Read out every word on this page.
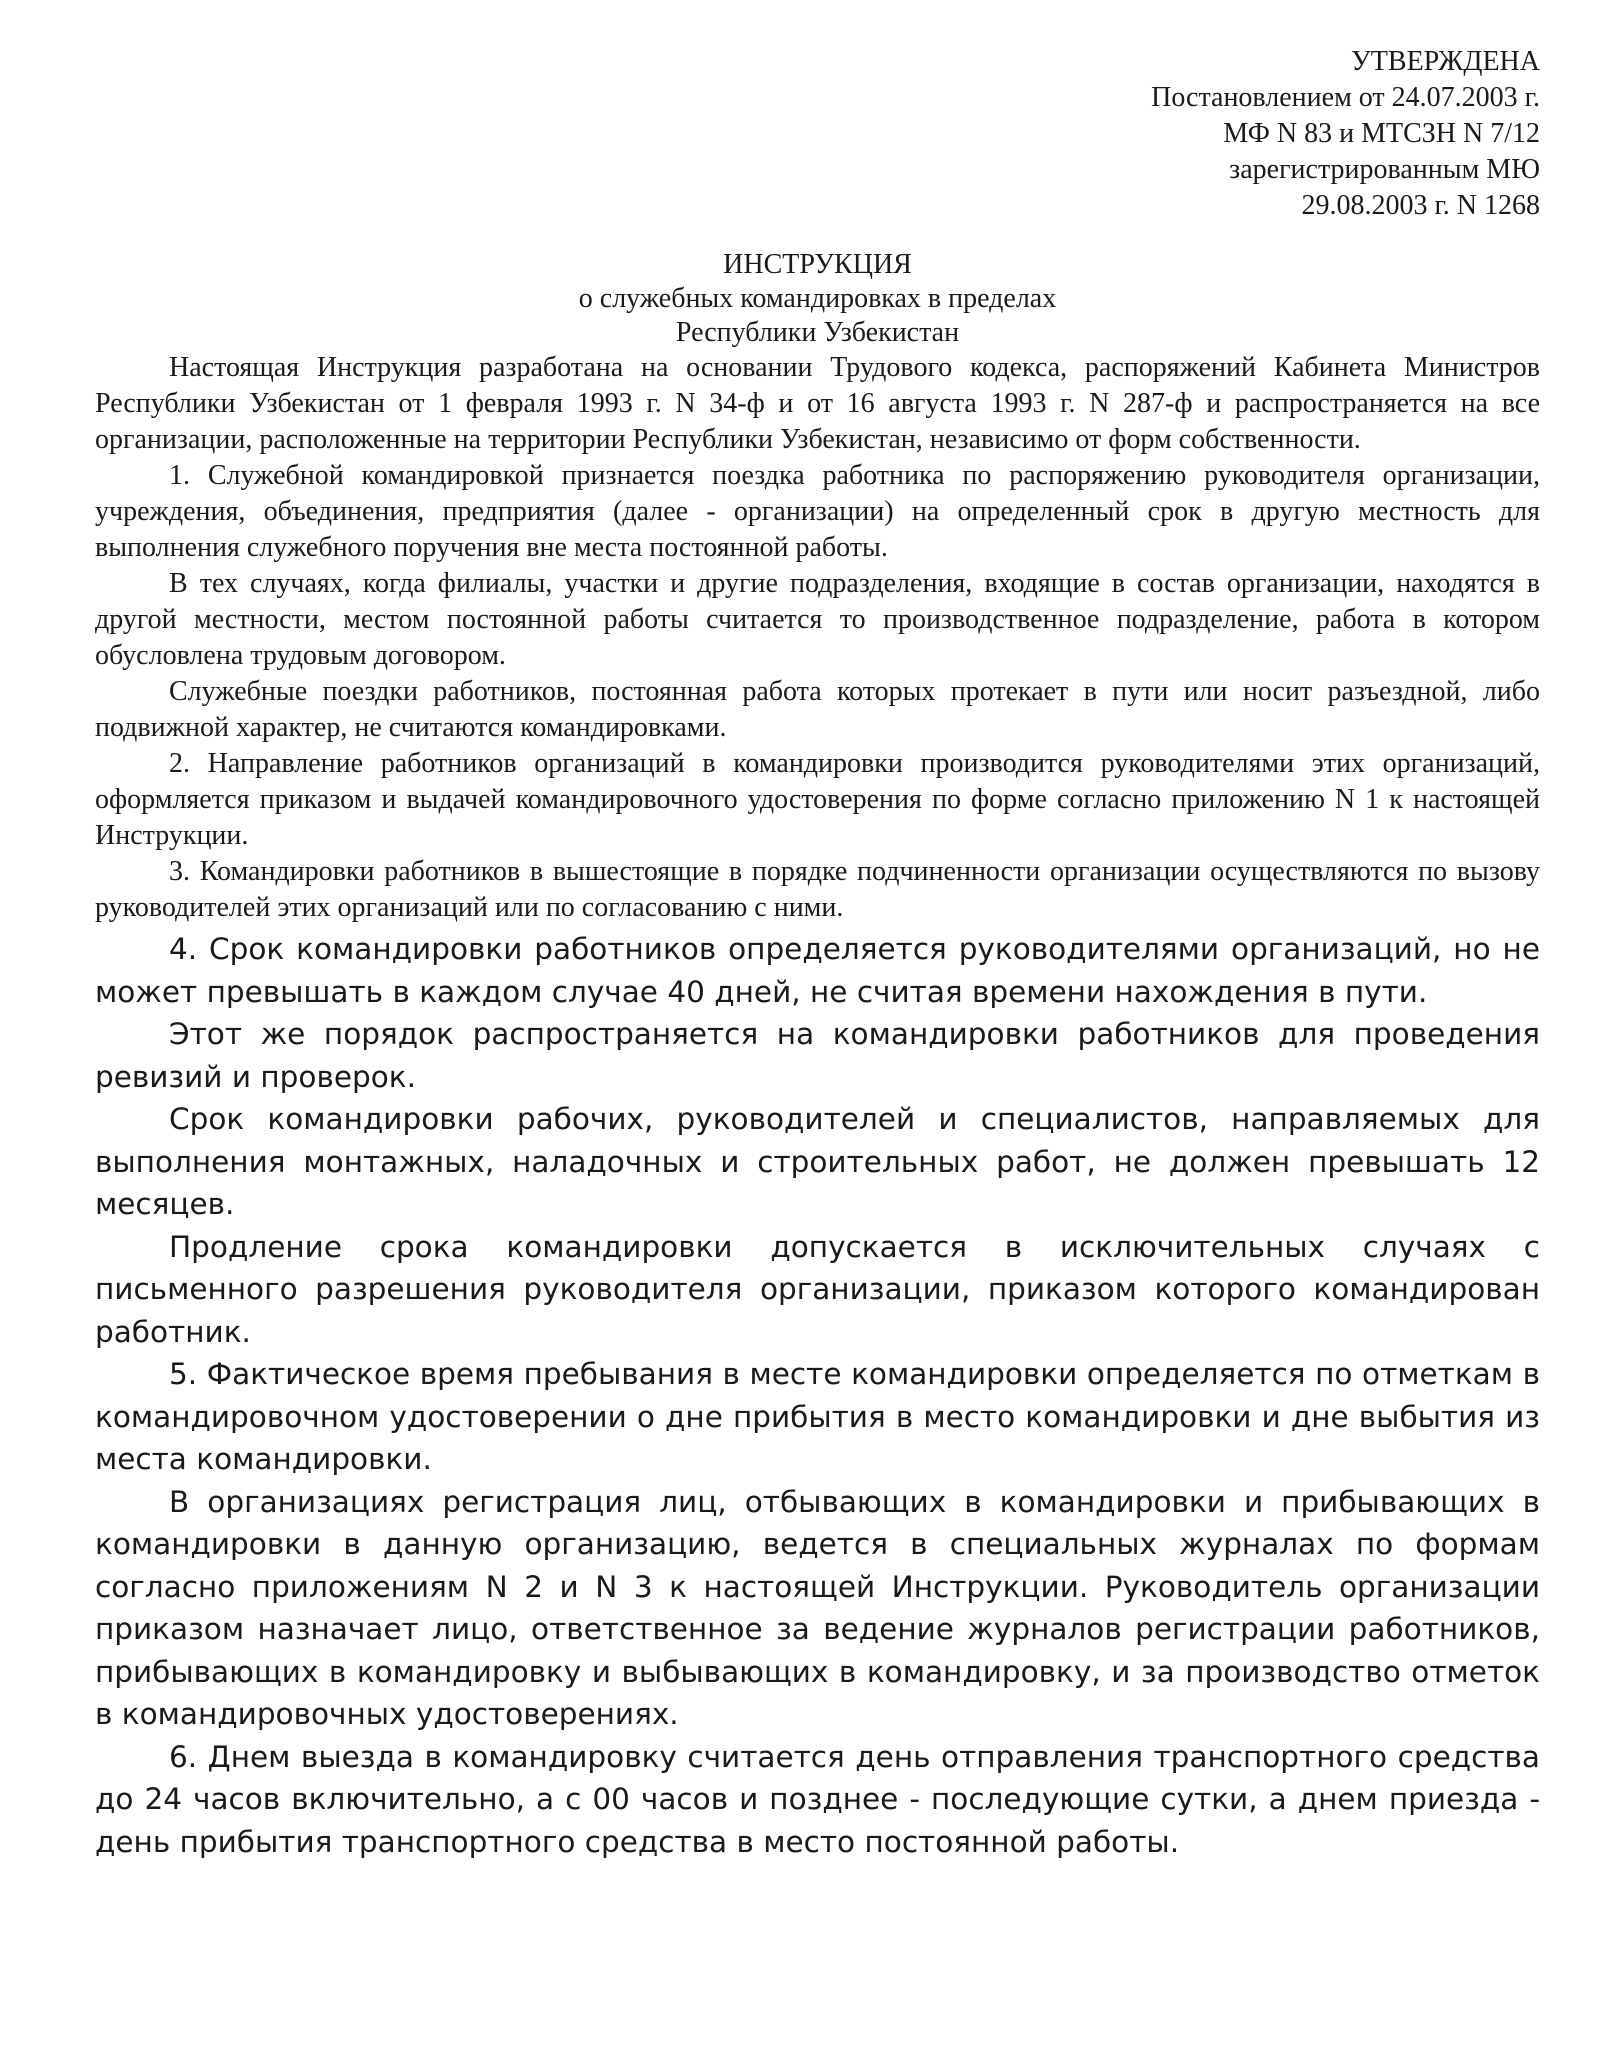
УТВЕРЖДЕНА
Постановлением от 24.07.2003 г.
МФ N 83 и МТСЗН N 7/12
зарегистрированным МЮ
29.08.2003 г. N 1268
ИНСТРУКЦИЯ
о служебных командировках в пределах
Республики Узбекистан

Настоящая Инструкция разработана на основании Трудового кодекса, распоряжений Кабинета Министров Республики Узбекистан от 1 февраля 1993 г. N 34-ф и от 16 августа 1993 г. N 287-ф и распространяется на все организации, расположенные на территории Республики Узбекистан, независимо от форм собственности.

1. Служебной командировкой признается поездка работника по распоряжению руководителя организации, учреждения, объединения, предприятия (далее - организации) на определенный срок в другую местность для выполнения служебного поручения вне места постоянной работы.

В тех случаях, когда филиалы, участки и другие подразделения, входящие в состав организации, находятся в другой местности, местом постоянной работы считается то производственное подразделение, работа в котором обусловлена трудовым договором.

Служебные поездки работников, постоянная работа которых протекает в пути или носит разъездной, либо подвижной характер, не считаются командировками.

2. Направление работников организаций в командировки производится руководителями этих организаций, оформляется приказом и выдачей командировочного удостоверения по форме согласно приложению N 1 к настоящей Инструкции.

3. Командировки работников в вышестоящие в порядке подчиненности организации осуществляются по вызову руководителей этих организаций или по согласованию с ними.

4. Срок командировки работников определяется руководителями организаций, но не может превышать в каждом случае 40 дней, не считая времени нахождения в пути.

Этот же порядок распространяется на командировки работников для проведения ревизий и проверок.

Срок командировки рабочих, руководителей и специалистов, направляемых для выполнения монтажных, наладочных и строительных работ, не должен превышать 12 месяцев.

Продление срока командировки допускается в исключительных случаях с письменного разрешения руководителя организации, приказом которого командирован работник.

5. Фактическое время пребывания в месте командировки определяется по отметкам в командировочном удостоверении о дне прибытия в место командировки и дне выбытия из места командировки.

В организациях регистрация лиц, отбывающих в командировки и прибывающих в командировки в данную организацию, ведется в специальных журналах по формам согласно приложениям N 2 и N 3 к настоящей Инструкции. Руководитель организации приказом назначает лицо, ответственное за ведение журналов регистрации работников, прибывающих в командировку и выбывающих в командировку, и за производство отметок в командировочных удостоверениях.

6. Днем выезда в командировку считается день отправления транспортного средства до 24 часов включительно, а с 00 часов и позднее - последующие сутки, а днем приезда - день прибытия транспортного средства в место постоянной работы.
